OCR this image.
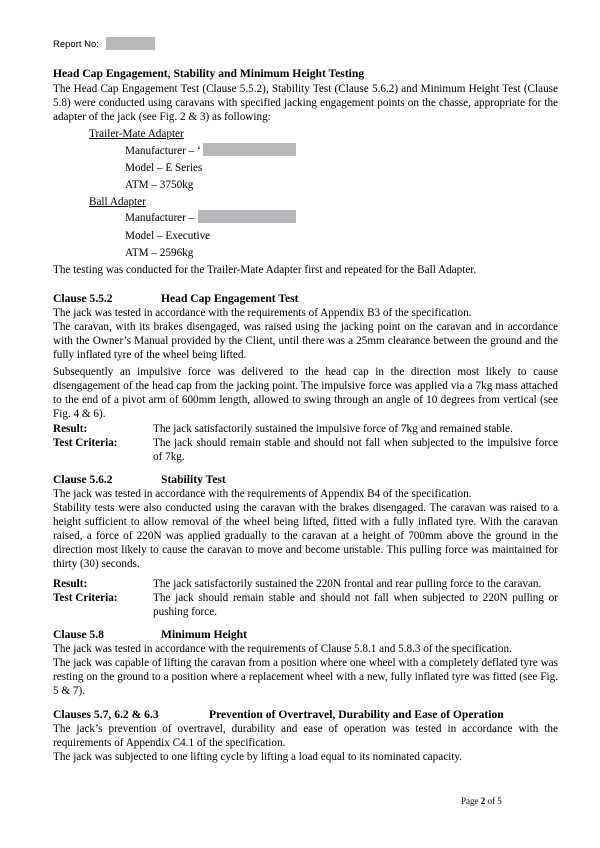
Report No:
Head Cap Engagement, Stability and Minimum Height Testing
The Head Cap Engagement Test (Clause 5.5.2), Stability Test (Clause 5.6.2) and Minimum Height Test (Clause 5.8) were conducted using caravans with specified jacking engagement points on the chasse, appropriate for the adapter of the jack (see Fig. 2 & 3) as following:
Trailer-Mate Adapter
Manufacturer – ‘
Model – E Series
ATM – 3750kg
Ball Adapter
Manufacturer –
Model – Executive
ATM – 2596kg
The testing was conducted for the Trailer-Mate Adapter first and repeated for the Ball Adapter.
Clause 5.5.2	Head Cap Engagement Test
The jack was tested in accordance with the requirements of Appendix B3 of the specification.
The caravan, with its brakes disengaged, was raised using the jacking point on the caravan and in accordance with the Owner’s Manual provided by the Client, until there was a 25mm clearance between the ground and the fully inflated tyre of the wheel being lifted.
Subsequently an impulsive force was delivered to the head cap in the direction most likely to cause disengagement of the head cap from the jacking point. The impulsive force was applied via a 7kg mass attached to the end of a pivot arm of 600mm length, allowed to swing through an angle of 10 degrees from vertical (see Fig. 4 & 6).
Result:	The jack satisfactorily sustained the impulsive force of 7kg and remained stable.
Test Criteria:	The jack should remain stable and should not fall when subjected to the impulsive force of 7kg.
Clause 5.6.2	Stability Test
The jack was tested in accordance with the requirements of Appendix B4 of the specification.
Stability tests were also conducted using the caravan with the brakes disengaged. The caravan was raised to a height sufficient to allow removal of the wheel being lifted, fitted with a fully inflated tyre. With the caravan raised, a force of 220N was applied gradually to the caravan at a height of 700mm above the ground in the direction most likely to cause the caravan to move and become unstable. This pulling force was maintained for thirty (30) seconds.
Result:	The jack satisfactorily sustained the 220N frontal and rear pulling force to the caravan.
Test Criteria:	The jack should remain stable and should not fall when subjected to 220N pulling or pushing force.
Clause 5.8	Minimum Height
The jack was tested in accordance with the requirements of Clause 5.8.1 and 5.8.3 of the specification.
The jack was capable of lifting the caravan from a position where one wheel with a completely deflated tyre was resting on the ground to a position where a replacement wheel with a new, fully inflated tyre was fitted (see Fig. 5 & 7).
Clauses 5.7, 6.2 & 6.3	Prevention of Overtravel, Durability and Ease of Operation
The jack’s prevention of overtravel, durability and ease of operation was tested in accordance with the requirements of Appendix C4.1 of the specification.
The jack was subjected to one lifting cycle by lifting a load equal to its nominated capacity.
Page 2 of 5
